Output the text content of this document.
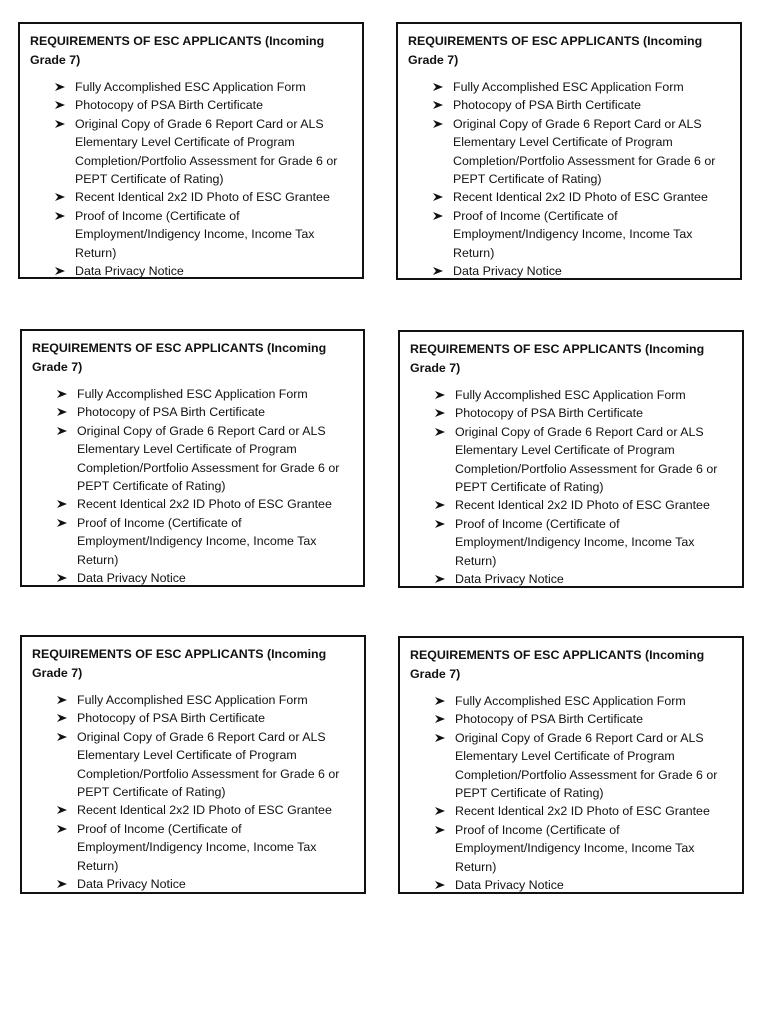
REQUIREMENTS OF ESC APPLICANTS (Incoming Grade 7)
Fully Accomplished ESC Application Form
Photocopy of PSA Birth Certificate
Original Copy of Grade 6 Report Card or ALS Elementary Level Certificate of Program Completion/Portfolio Assessment for Grade 6 or PEPT Certificate of Rating)
Recent Identical 2x2 ID Photo of ESC Grantee
Proof of Income (Certificate of Employment/Indigency Income, Income Tax Return)
Data Privacy Notice
REQUIREMENTS OF ESC APPLICANTS (Incoming Grade 7)
Fully Accomplished ESC Application Form
Photocopy of PSA Birth Certificate
Original Copy of Grade 6 Report Card or ALS Elementary Level Certificate of Program Completion/Portfolio Assessment for Grade 6 or PEPT Certificate of Rating)
Recent Identical 2x2 ID Photo of ESC Grantee
Proof of Income (Certificate of Employment/Indigency Income, Income Tax Return)
Data Privacy Notice
REQUIREMENTS OF ESC APPLICANTS (Incoming Grade 7)
Fully Accomplished ESC Application Form
Photocopy of PSA Birth Certificate
Original Copy of Grade 6 Report Card or ALS Elementary Level Certificate of Program Completion/Portfolio Assessment for Grade 6 or PEPT Certificate of Rating)
Recent Identical 2x2 ID Photo of ESC Grantee
Proof of Income (Certificate of Employment/Indigency Income, Income Tax Return)
Data Privacy Notice
REQUIREMENTS OF ESC APPLICANTS (Incoming Grade 7)
Fully Accomplished ESC Application Form
Photocopy of PSA Birth Certificate
Original Copy of Grade 6 Report Card or ALS Elementary Level Certificate of Program Completion/Portfolio Assessment for Grade 6 or PEPT Certificate of Rating)
Recent Identical 2x2 ID Photo of ESC Grantee
Proof of Income (Certificate of Employment/Indigency Income, Income Tax Return)
Data Privacy Notice
REQUIREMENTS OF ESC APPLICANTS (Incoming Grade 7)
Fully Accomplished ESC Application Form
Photocopy of PSA Birth Certificate
Original Copy of Grade 6 Report Card or ALS Elementary Level Certificate of Program Completion/Portfolio Assessment for Grade 6 or PEPT Certificate of Rating)
Recent Identical 2x2 ID Photo of ESC Grantee
Proof of Income (Certificate of Employment/Indigency Income, Income Tax Return)
Data Privacy Notice
REQUIREMENTS OF ESC APPLICANTS (Incoming Grade 7)
Fully Accomplished ESC Application Form
Photocopy of PSA Birth Certificate
Original Copy of Grade 6 Report Card or ALS Elementary Level Certificate of Program Completion/Portfolio Assessment for Grade 6 or PEPT Certificate of Rating)
Recent Identical 2x2 ID Photo of ESC Grantee
Proof of Income (Certificate of Employment/Indigency Income, Income Tax Return)
Data Privacy Notice
